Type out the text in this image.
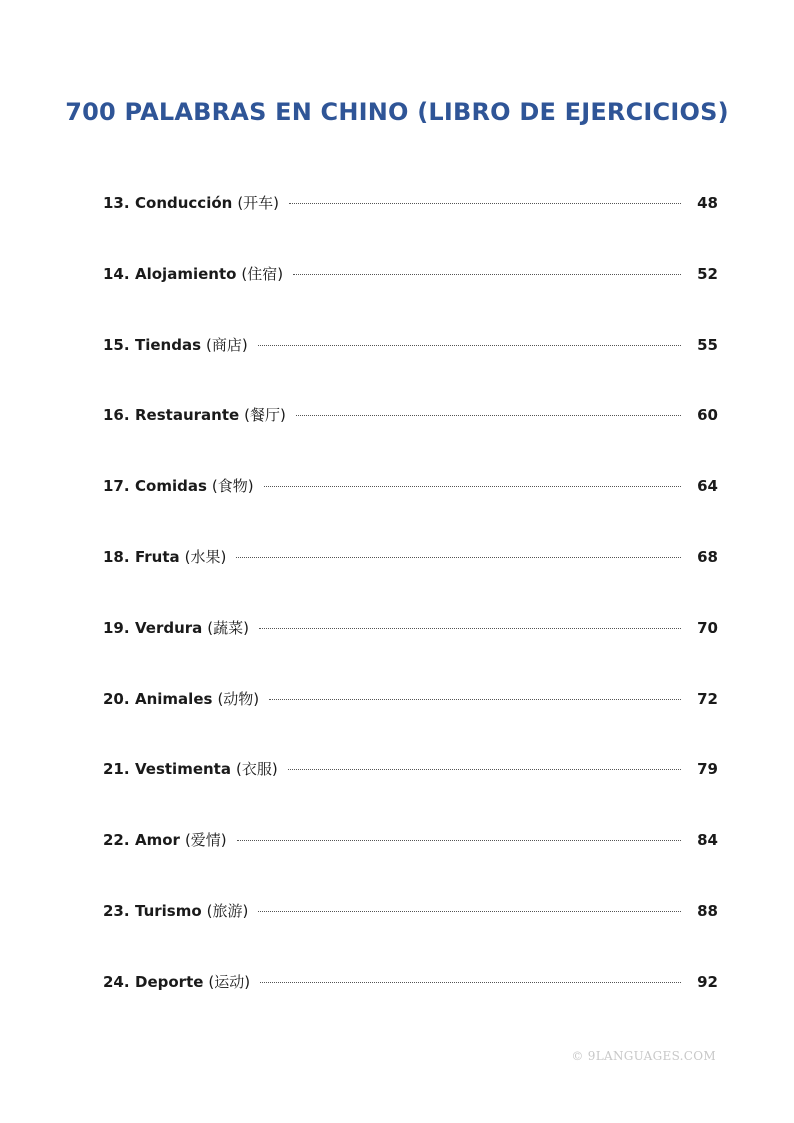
700 PALABRAS EN CHINO (LIBRO DE EJERCICIOS)
13. Conducción (开车)	48
14. Alojamiento (住宿)	52
15. Tiendas (商店)	55
16. Restaurante (餐厅)	60
17. Comidas (食物)	64
18. Fruta (水果)	68
19. Verdura (蔬菜)	70
20. Animales (动物)	72
21. Vestimenta (衣服)	79
22. Amor (爱情)	84
23. Turismo (旅游)	88
24. Deporte (运动)	92
© 9LANGUAGES.COM
